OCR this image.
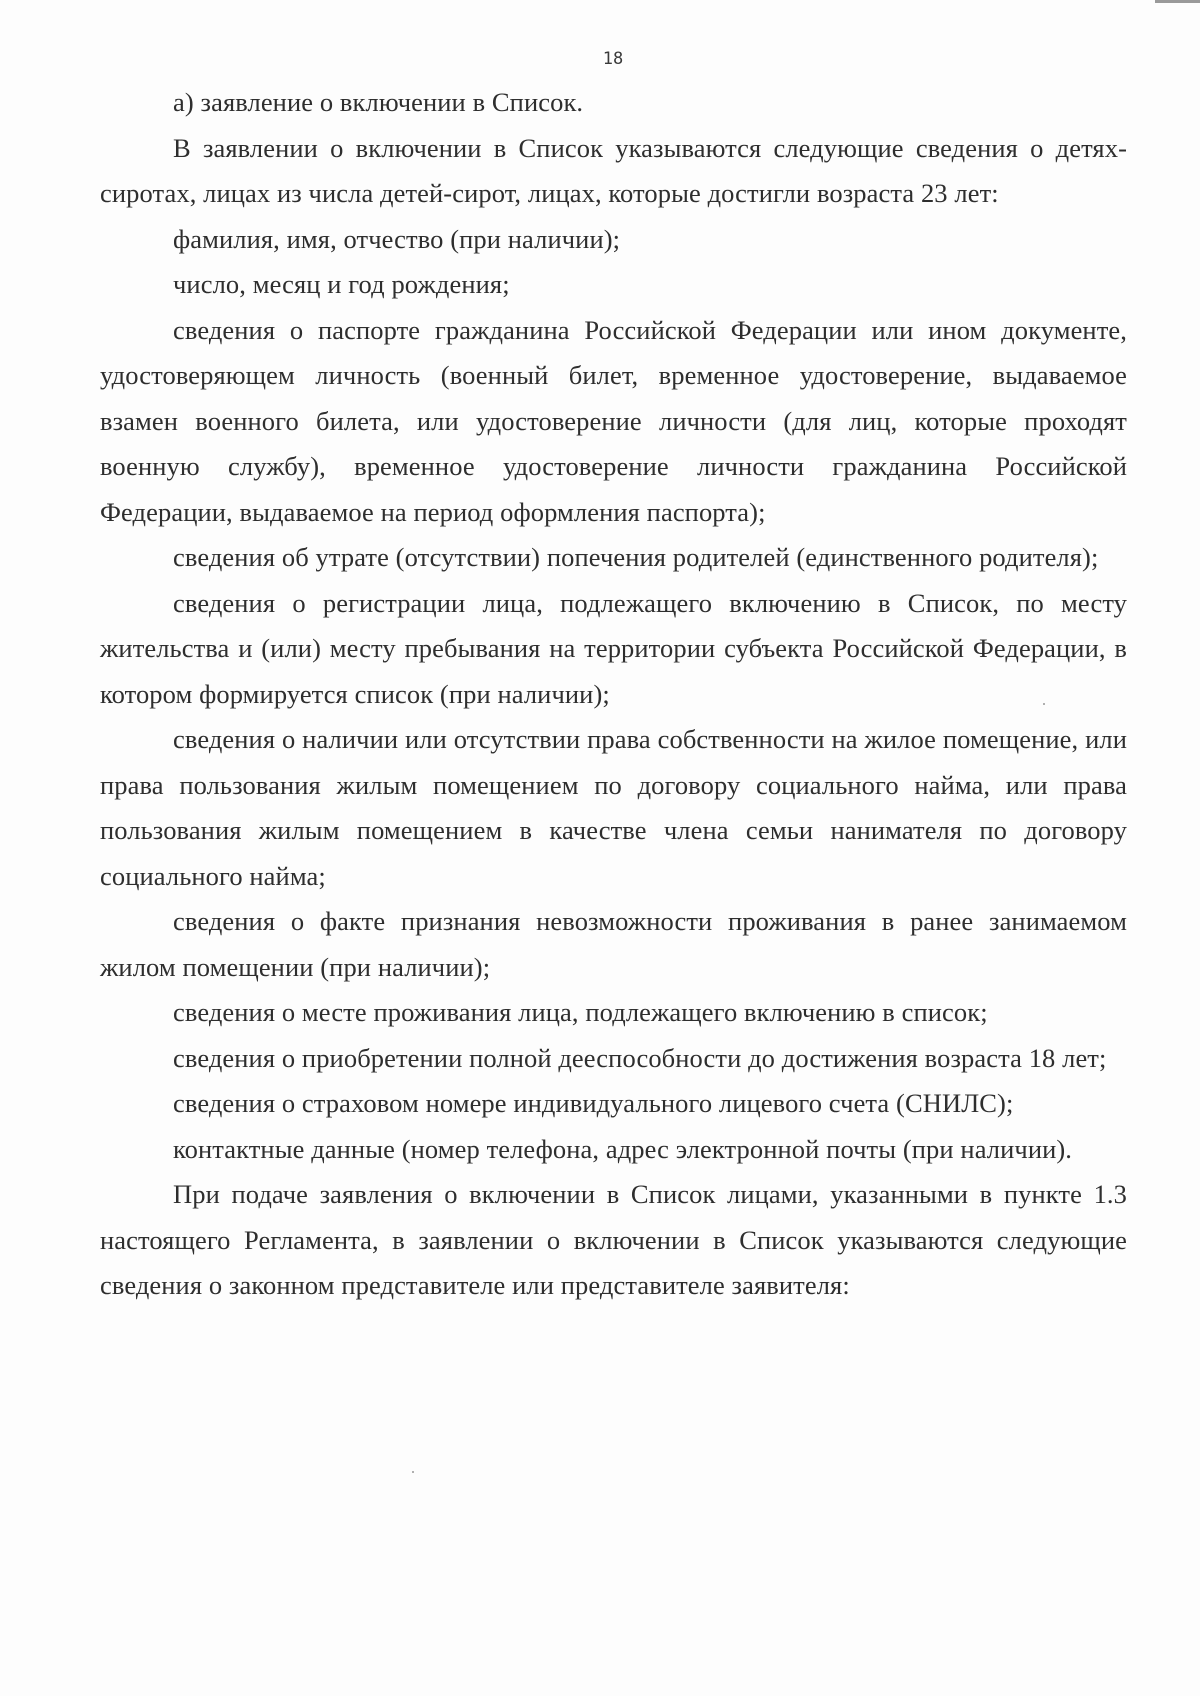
18

а) заявление о включении в Список.

В заявлении о включении в Список указываются следующие сведения о детях-сиротах, лицах из числа детей-сирот, лицах, которые достигли возраста 23 лет:

фамилия, имя, отчество (при наличии);

число, месяц и год рождения;

сведения о паспорте гражданина Российской Федерации или ином документе, удостоверяющем личность (военный билет, временное удостоверение, выдаваемое взамен военного билета, или удостоверение личности (для лиц, которые проходят военную службу), временное удостоверение личности гражданина Российской Федерации, выдаваемое на период оформления паспорта);

сведения об утрате (отсутствии) попечения родителей (единственного родителя);

сведения о регистрации лица, подлежащего включению в Список, по месту жительства и (или) месту пребывания на территории субъекта Российской Федерации, в котором формируется список (при наличии);

сведения о наличии или отсутствии права собственности на жилое помещение, или права пользования жилым помещением по договору социального найма, или права пользования жилым помещением в качестве члена семьи нанимателя по договору социального найма;

сведения о факте признания невозможности проживания в ранее занимаемом жилом помещении (при наличии);

сведения о месте проживания лица, подлежащего включению в список;

сведения о приобретении полной дееспособности до достижения возраста 18 лет;

сведения о страховом номере индивидуального лицевого счета (СНИЛС);

контактные данные (номер телефона, адрес электронной почты (при наличии).

При подаче заявления о включении в Список лицами, указанными в пункте 1.3 настоящего Регламента, в заявлении о включении в Список указываются следующие сведения о законном представителе или представителе заявителя:
